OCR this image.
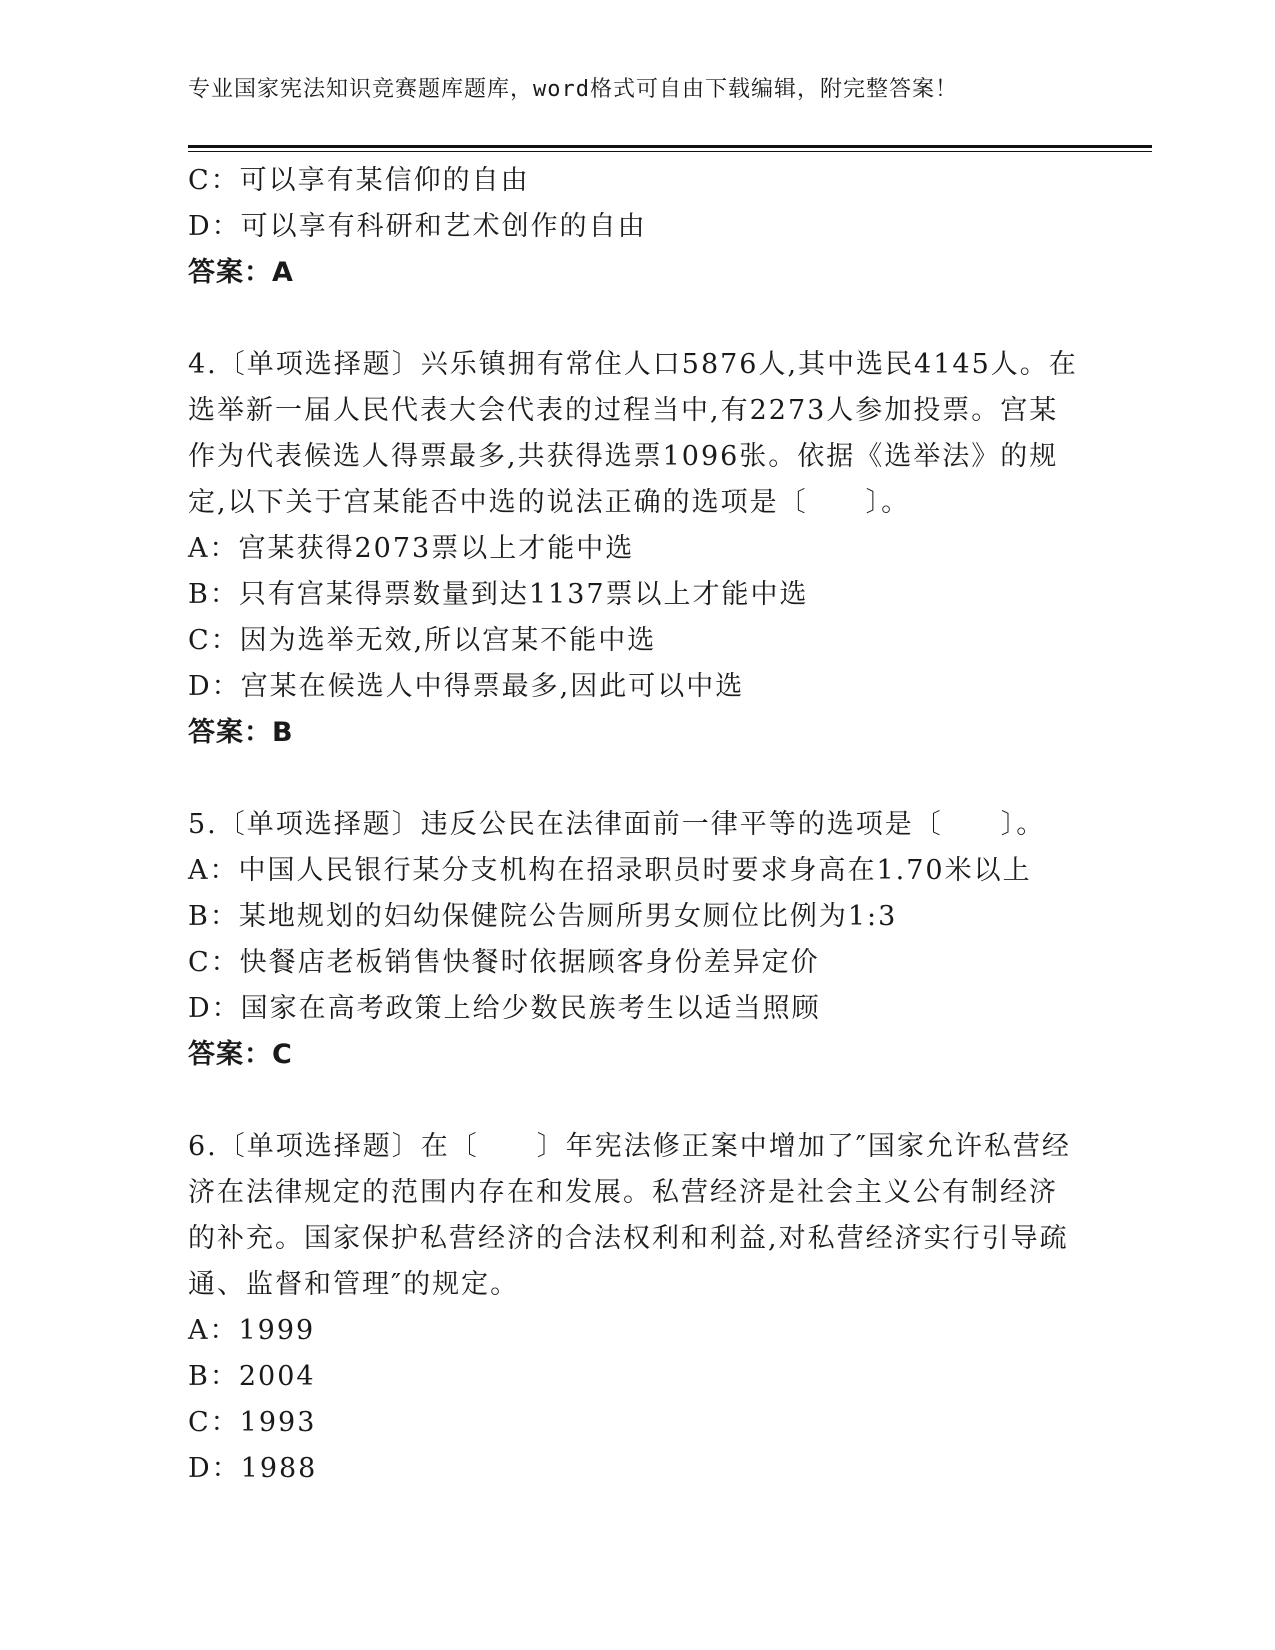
专业国家宪法知识竞赛题库题库，word格式可自由下载编辑，附完整答案！
C：可以享有某信仰的自由
D：可以享有科研和艺术创作的自由
答案：A
4.〔单项选择题〕兴乐镇拥有常住人口5876人,其中选民4145人。在
选举新一届人民代表大会代表的过程当中,有2273人参加投票。宫某
作为代表候选人得票最多,共获得选票1096张。依据《选举法》的规
定,以下关于宫某能否中选的说法正确的选项是〔　　〕。
A：宫某获得2073票以上才能中选
B：只有宫某得票数量到达1137票以上才能中选
C：因为选举无效,所以宫某不能中选
D：宫某在候选人中得票最多,因此可以中选
答案：B
5.〔单项选择题〕违反公民在法律面前一律平等的选项是〔　　〕。
A：中国人民银行某分支机构在招录职员时要求身高在1.70米以上
B：某地规划的妇幼保健院公告厕所男女厕位比例为1:3
C：快餐店老板销售快餐时依据顾客身份差异定价
D：国家在高考政策上给少数民族考生以适当照顾
答案：C
6.〔单项选择题〕在〔　　〕年宪法修正案中增加了″国家允许私营经
济在法律规定的范围内存在和发展。私营经济是社会主义公有制经济
的补充。国家保护私营经济的合法权利和利益,对私营经济实行引导疏
通、监督和管理″的规定。
A：1999
B：2004
C：1993
D：1988
